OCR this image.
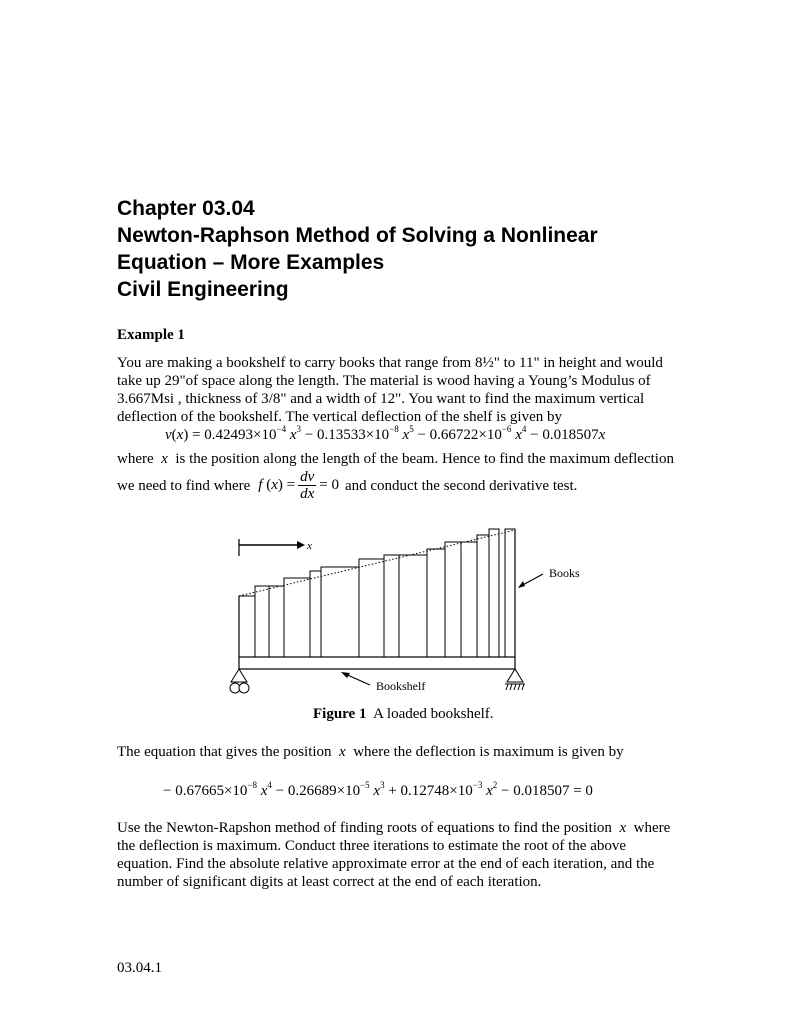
Chapter 03.04
Newton-Raphson Method of Solving a Nonlinear
Equation – More Examples
Civil Engineering
Example 1
You are making a bookshelf to carry books that range from 8½" to 11" in height and would
take up 29"of space along the length. The material is wood having a Young’s Modulus of
3.667Msi , thickness of 3/8" and a width of 12". You want to find the maximum vertical
deflection of the bookshelf. The vertical deflection of the shelf is given by
$v(x) = 0.42493\times 10^{-4}$ $x^3 - 0.13533\times 10^{-8}$ $x^5 - 0.66722\times 10^{-6}$ $x^4 - 0.018507x$
where x is the position along the length of the beam. Hence to find the maximum deflection
we need to find where f $(x) = \frac{dv}{dx} = 0$ and conduct the second derivative test.
x
Books
Bookshelf
Figure 1 A loaded bookshelf.
The equation that gives the position x where the deflection is maximum is given by
− $0.67665\times 10^{-8}$ $x^4 - 0.26689\times 10^{-5}$ $x^3 + 0.12748\times 10^{-3}$ $x^2 - 0.018507 = 0$
Use the Newton-Rapshon method of finding roots of equations to find the position x where
the deflection is maximum. Conduct three iterations to estimate the root of the above
equation. Find the absolute relative approximate error at the end of each iteration, and the
number of significant digits at least correct at the end of each iteration.
03.04.1
